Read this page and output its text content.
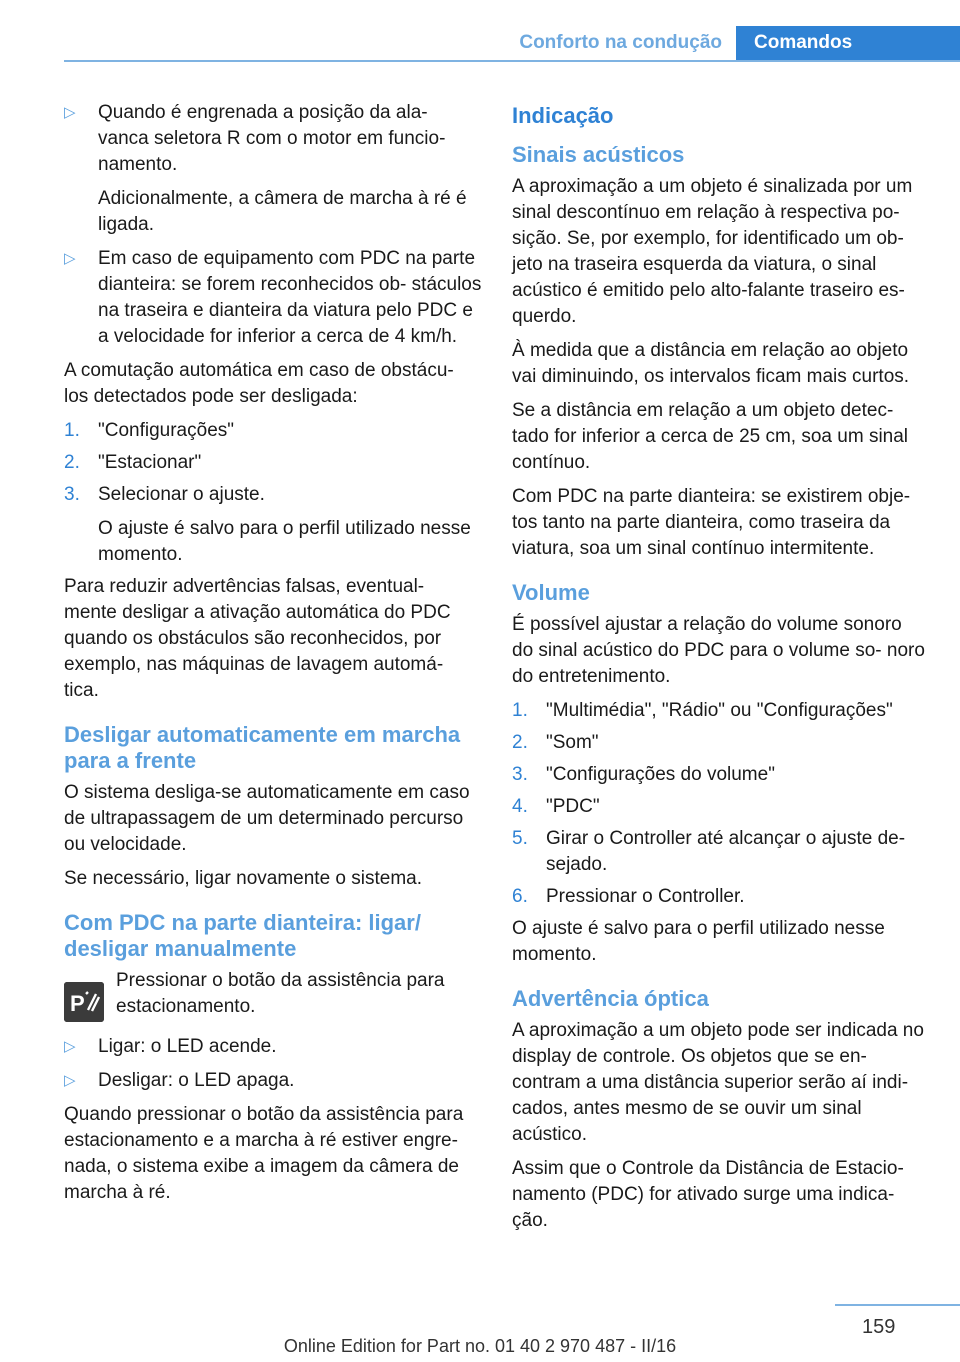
Conforto na condução	Comandos
▷ Quando é engrenada a posição da ala‐ vanca seletora R com o motor em funcio‐ namento.
Adicionalmente, a câmera de marcha à ré é ligada.
▷ Em caso de equipamento com PDC na parte dianteira: se forem reconhecidos ob‐ stáculos na traseira e dianteira da viatura pelo PDC e a velocidade for inferior a cerca de 4 km/h.

A comutação automática em caso de obstácu‐ los detectados pode ser desligada:

1. "Configurações"
2. "Estacionar"
3. Selecionar o ajuste.
O ajuste é salvo para o perfil utilizado nesse momento.

Para reduzir advertências falsas, eventual‐ mente desligar a ativação automática do PDC quando os obstáculos são reconhecidos, por exemplo, nas máquinas de lavagem automá‐ tica.

Desligar automaticamente em marcha para a frente

O sistema desliga-se automaticamente em caso de ultrapassagem de um determinado percurso ou velocidade.

Se necessário, ligar novamente o sistema.

Com PDC na parte dianteira: ligar/ desligar manualmente
P
Pressionar o botão da assistência para estacionamento.
▷ Ligar: o LED acende.
▷ Desligar: o LED apaga.

Quando pressionar o botão da assistência para estacionamento e a marcha à ré estiver engre‐ nada, o sistema exibe a imagem da câmera de marcha à ré.

Indicação
Sinais acústicos

A aproximação a um objeto é sinalizada por um sinal descontínuo em relação à respectiva po‐ sição. Se, por exemplo, for identificado um ob‐ jeto na traseira esquerda da viatura, o sinal acústico é emitido pelo alto-falante traseiro es‐ querdo.

À medida que a distância em relação ao objeto vai diminuindo, os intervalos ficam mais curtos.

Se a distância em relação a um objeto detec‐ tado for inferior a cerca de 25 cm, soa um sinal contínuo.

Com PDC na parte dianteira: se existirem obje‐ tos tanto na parte dianteira, como traseira da viatura, soa um sinal contínuo intermitente.

Volume

É possível ajustar a relação do volume sonoro do sinal acústico do PDC para o volume so‐ noro do entretenimento.

1. "Multimédia", "Rádio" ou "Configurações"
2. "Som"
3. "Configurações do volume"
4. "PDC"
5. Girar o Controller até alcançar o ajuste de‐ sejado.
6. Pressionar o Controller.

O ajuste é salvo para o perfil utilizado nesse momento.

Advertência óptica

A aproximação a um objeto pode ser indicada no display de controle. Os objetos que se en‐ contram a uma distância superior serão aí indi‐ cados, antes mesmo de se ouvir um sinal acústico.

Assim que o Controle da Distância de Estacio‐ namento (PDC) for ativado surge uma indica‐ ção.

159
Online Edition for Part no. 01 40 2 970 487 - II/16
